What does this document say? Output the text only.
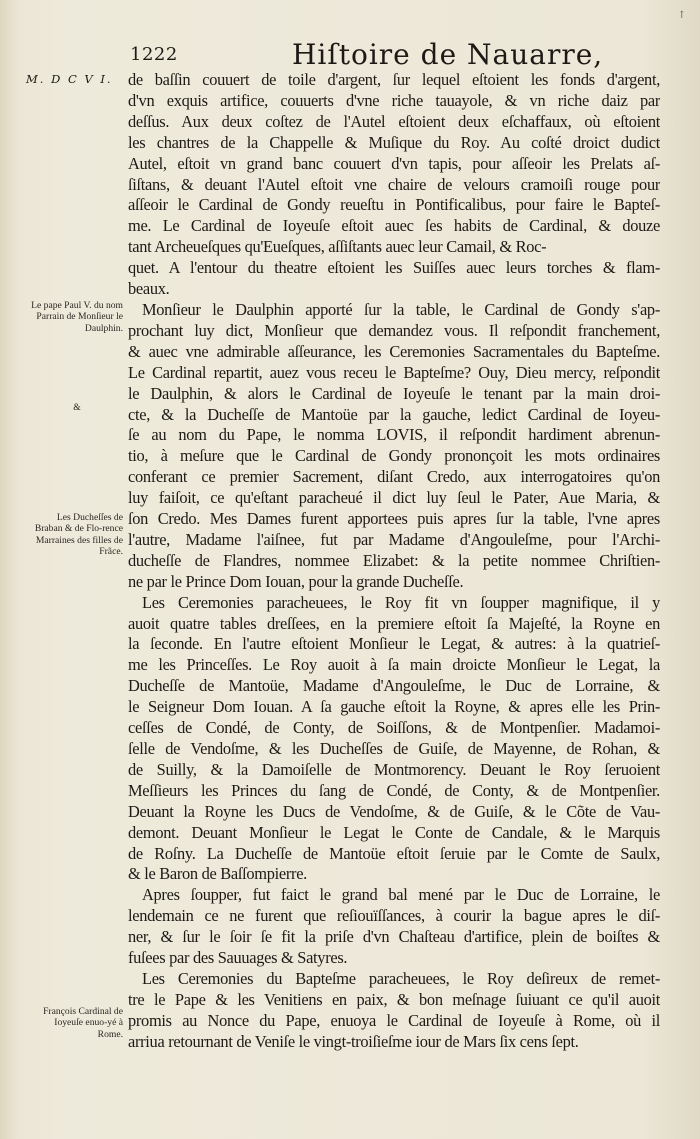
↑
1222	Hiſtoire de Nauarre,
M. D C V I.
Le pape Paul V. du nom Parrain de Monſieur le Daulphin.
&
Les Ducheſſes de Braban & de Flo-rence Marraines des filles de Frãce.
François Cardinal de Ioyeuſe enuo-yé à Rome.
de baſſin couuert de toile d'argent, ſur lequel eſtoient les fonds d'argent,
d'vn exquis artifice, couuerts d'vne riche tauayole, & vn riche daiz par
deſſus. Aux deux coſtez de l'Autel eſtoient deux eſchaffaux, où eſtoient
les chantres de la Chappelle & Muſique du Roy. Au coſté droict dudict
Autel, eſtoit vn grand banc couuert d'vn tapis, pour aſſeoir les Prelats aſ-
ſiſtans, & deuant l'Autel eſtoit vne chaire de velours cramoiſi rouge pour
aſſeoir le Cardinal de Gondy reueſtu in Pontificalibus, pour faire le Bapteſ-
me. Le Cardinal de Ioyeuſe eſtoit auec ſes habits de Cardinal, & douze
tant Archeueſques qu'Eueſques, aſſiſtants auec leur Camail, & Roc-
quet. A l'entour du theatre eſtoient les Suiſſes auec leurs torches & flam-
beaux.
Monſieur le Daulphin apporté ſur la table, le Cardinal de Gondy s'ap-
prochant luy dict, Monſieur que demandez vous. Il reſpondit franchement,
& auec vne admirable aſſeurance, les Ceremonies Sacramentales du Bapteſme.
Le Cardinal repartit, auez vous receu le Bapteſme? Ouy, Dieu mercy, reſpondit
le Daulphin, & alors le Cardinal de Ioyeuſe le tenant par la main droi-
cte, & la Ducheſſe de Mantoüe par la gauche, ledict Cardinal de Ioyeu-
ſe au nom du Pape, le nomma LOVIS, il reſpondit hardiment abrenun-
tio, à meſure que le Cardinal de Gondy prononçoit les mots ordinaires
conferant ce premier Sacrement, diſant Credo, aux interrogatoires qu'on
luy faiſoit, ce qu'eſtant paracheué il dict luy ſeul le Pater, Aue Maria, &
ſon Credo. Mes Dames furent apportees puis apres ſur la table, l'vne apres
l'autre, Madame l'aiſnee, fut par Madame d'Angouleſme, pour l'Archi-
ducheſſe de Flandres, nommee Elizabet: & la petite nommee Chriſtien-
ne par le Prince Dom Iouan, pour la grande Ducheſſe.
Les Ceremonies paracheuees, le Roy fit vn ſoupper magnifique, il y
auoit quatre tables dreſſees, en la premiere eſtoit ſa Majeſté, la Royne en
la ſeconde. En l'autre eſtoient Monſieur le Legat, & autres: à la quatrieſ-
me les Princeſſes. Le Roy auoit à ſa main droicte Monſieur le Legat, la
Ducheſſe de Mantoüe, Madame d'Angouleſme, le Duc de Lorraine, &
le Seigneur Dom Iouan. A ſa gauche eſtoit la Royne, & apres elle les Prin-
ceſſes de Condé, de Conty, de Soiſſons, & de Montpenſier. Madamoi-
ſelle de Vendoſme, & les Ducheſſes de Guiſe, de Mayenne, de Rohan, &
de Suilly, & la Damoiſelle de Montmorency. Deuant le Roy ſeruoient
Meſſieurs les Princes du ſang de Condé, de Conty, & de Montpenſier.
Deuant la Royne les Ducs de Vendoſme, & de Guiſe, & le Cõte de Vau-
demont. Deuant Monſieur le Legat le Conte de Candale, & le Marquis
de Roſny. La Ducheſſe de Mantoüe eſtoit ſeruie par le Comte de Saulx,
& le Baron de Baſſompierre.
Apres ſoupper, fut faict le grand bal mené par le Duc de Lorraine, le
lendemain ce ne furent que reſiouïſſances, à courir la bague apres le diſ-
ner, & ſur le ſoir ſe fit la priſe d'vn Chaſteau d'artifice, plein de boiſtes &
fuſees par des Sauuages & Satyres.
Les Ceremonies du Bapteſme paracheuees, le Roy deſireux de remet-
tre le Pape & les Venitiens en paix, & bon meſnage ſuiuant ce qu'il auoit
promis au Nonce du Pape, enuoya le Cardinal de Ioyeuſe à Rome, où il
arriua retournant de Veniſe le vingt-troiſieſme iour de Mars ſix cens ſept.
